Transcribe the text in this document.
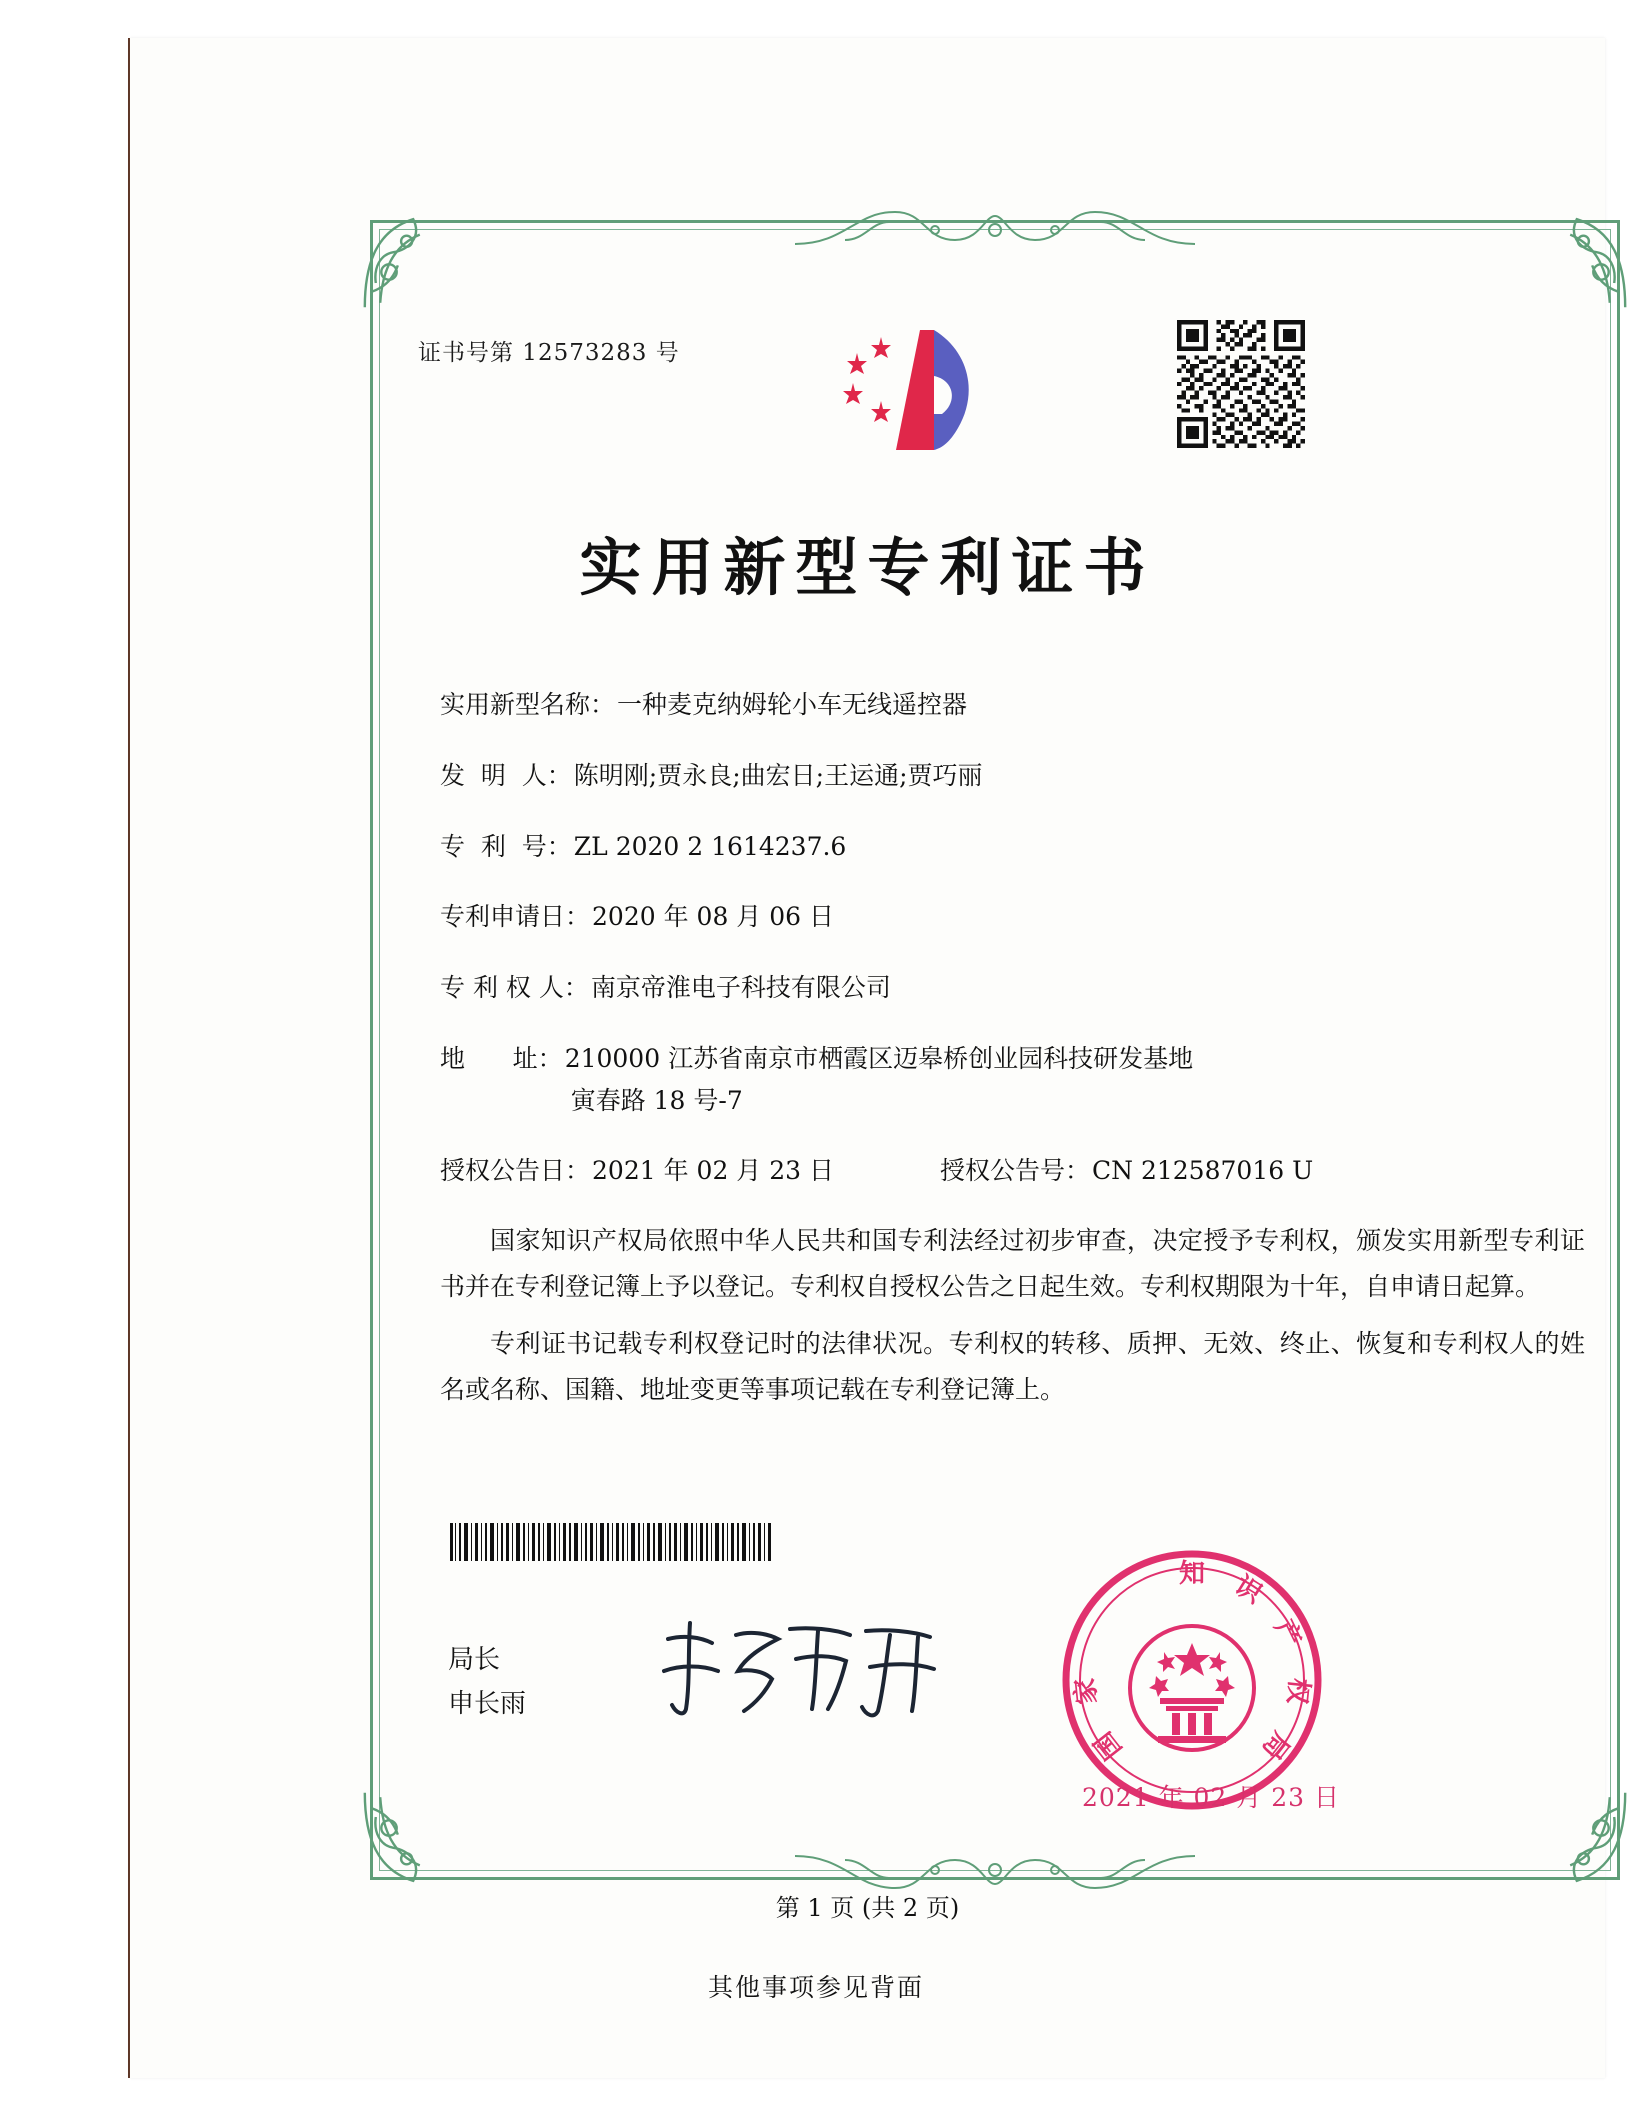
证书号第 12573283 号
实用新型专利证书
实用新型名称： 一种麦克纳姆轮小车无线遥控器
发  明  人： 陈明刚;贾永良;曲宏日;王运通;贾巧丽
专  利  号： ZL 2020 2 1614237.6
专利申请日： 2020 年 08 月 06 日
专 利 权 人： 南京帝淮电子科技有限公司
地      址： 210000 江苏省南京市栖霞区迈皋桥创业园科技研发基地
寅春路 18 号-7
授权公告日： 2021 年 02 月 23 日	授权公告号： CN 212587016 U

国家知识产权局依照中华人民共和国专利法经过初步审查，决定授予专利权，颁发实用新型专利证书并在专利登记簿上予以登记。专利权自授权公告之日起生效。专利权期限为十年，自申请日起算。

专利证书记载专利权登记时的法律状况。专利权的转移、质押、无效、终止、恢复和专利权人的姓名或名称、国籍、地址变更等事项记载在专利登记簿上。

局长
申长雨
知 识
产
权
局
国
家
2021 年 02 月 23 日
第 1 页 (共 2 页)
其他事项参见背面
